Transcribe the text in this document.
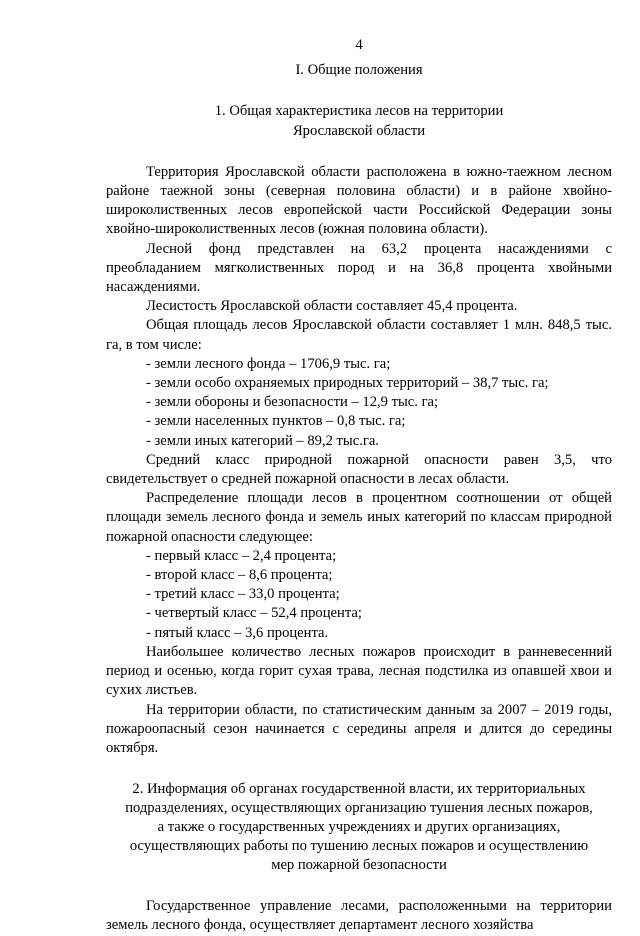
4
I. Общие положения
1. Общая характеристика лесов на территории
Ярославской области

Территория Ярославской области расположена в южно-таежном лесном районе таежной зоны (северная половина области) и в районе хвойно-широколиственных лесов европейской части Российской Федерации зоны хвойно-широколиственных лесов (южная половина области).

Лесной фонд представлен на 63,2 процента насаждениями с преобладанием мягколиственных пород и на 36,8 процента хвойными насаждениями.

Лесистость Ярославской области составляет 45,4 процента.

Общая площадь лесов Ярославской области составляет 1 млн. 848,5 тыс. га, в том числе:

- земли лесного фонда – 1706,9 тыс. га;

- земли особо охраняемых природных территорий – 38,7 тыс. га;

- земли обороны и безопасности – 12,9 тыс. га;

- земли населенных пунктов – 0,8 тыс. га;

- земли иных категорий – 89,2 тыс.га.

Средний класс природной пожарной опасности равен 3,5, что свидетельствует о средней пожарной опасности в лесах области.

Распределение площади лесов в процентном соотношении от общей площади земель лесного фонда и земель иных категорий по классам природной пожарной опасности следующее:

- первый класс – 2,4 процента;

- второй класс – 8,6 процента;

- третий класс – 33,0 процента;

- четвертый класс – 52,4 процента;

- пятый класс – 3,6 процента.

Наибольшее количество лесных пожаров происходит в ранневесенний период и осенью, когда горит сухая трава, лесная подстилка из опавшей хвои и сухих листьев.

На территории области, по статистическим данным за 2007 – 2019 годы, пожароопасный сезон начинается с середины апреля и длится до середины октября.

2. Информация об органах государственной власти, их территориальных
подразделениях, осуществляющих организацию тушения лесных пожаров,
а также о государственных учреждениях и других организациях,
осуществляющих работы по тушению лесных пожаров и осуществлению
мер пожарной безопасности

Государственное управление лесами, расположенными на территории земель лесного фонда, осуществляет департамент лесного хозяйства
